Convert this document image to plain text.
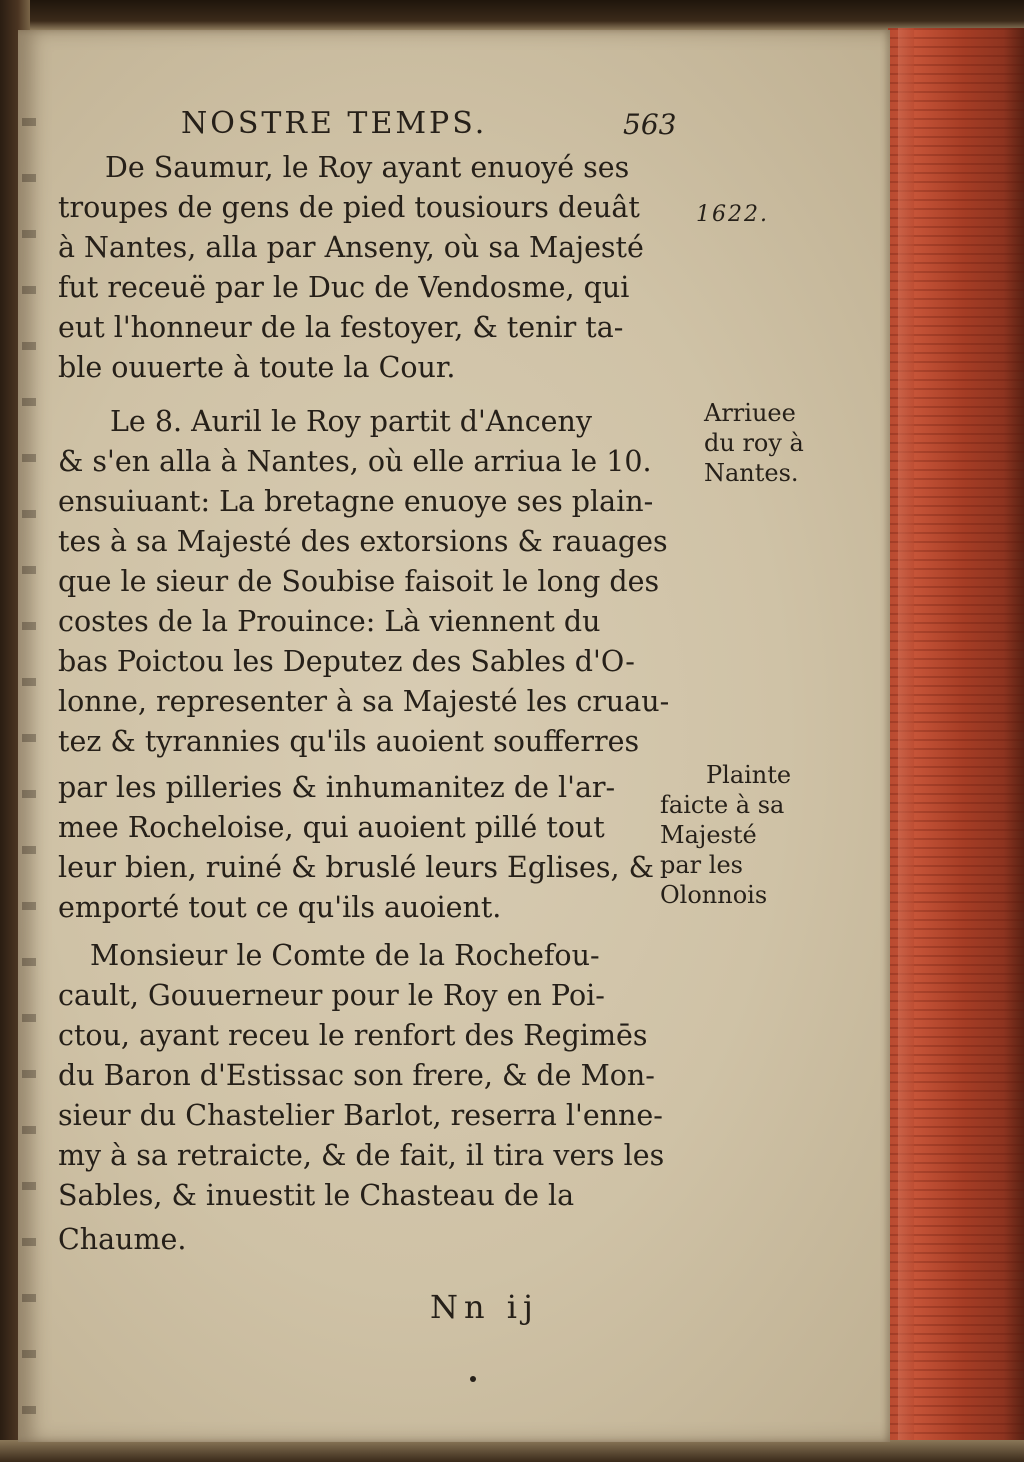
NOSTRE TEMPS.	563
1622.
De Saumur, le Roy ayant enuoyé ses
troupes de gens de pied tousiours deuât
à Nantes, alla par Anseny, où sa Majesté
fut receuë par le Duc de Vendosme, qui
eut l'honneur de la festoyer, & tenir ta-
ble ouuerte à toute la Cour.
Le 8. Auril le Roy partit d'Anceny
& s'en alla à Nantes, où elle arriua le 10.
ensuiuant: La bretagne enuoye ses plain-
tes à sa Majesté des extorsions & rauages
que le sieur de Soubise faisoit le long des
costes de la Prouince: Là viennent du
bas Poictou les Deputez des Sables d'O-
lonne, representer à sa Majesté les cruau-
tez & tyrannies qu'ils auoient soufferres
par les pilleries & inhumanitez de l'ar-
mee Rocheloise, qui auoient pillé tout
leur bien, ruiné & bruslé leurs Eglises, &
emporté tout ce qu'ils auoient.
Monsieur le Comte de la Rochefou-
cault, Gouuerneur pour le Roy en Poi-
ctou, ayant receu le renfort des Regimēs
du Baron d'Estissac son frere, & de Mon-
sieur du Chastelier Barlot, reserra l'enne-
my à sa retraicte, & de fait, il tira vers les
Sables, & inuestit le Chasteau de la
Chaume.
Arriuee
du roy à
Nantes.
Plainte
faicte à sa
Majesté
par les
Olonnois
Nn ij
